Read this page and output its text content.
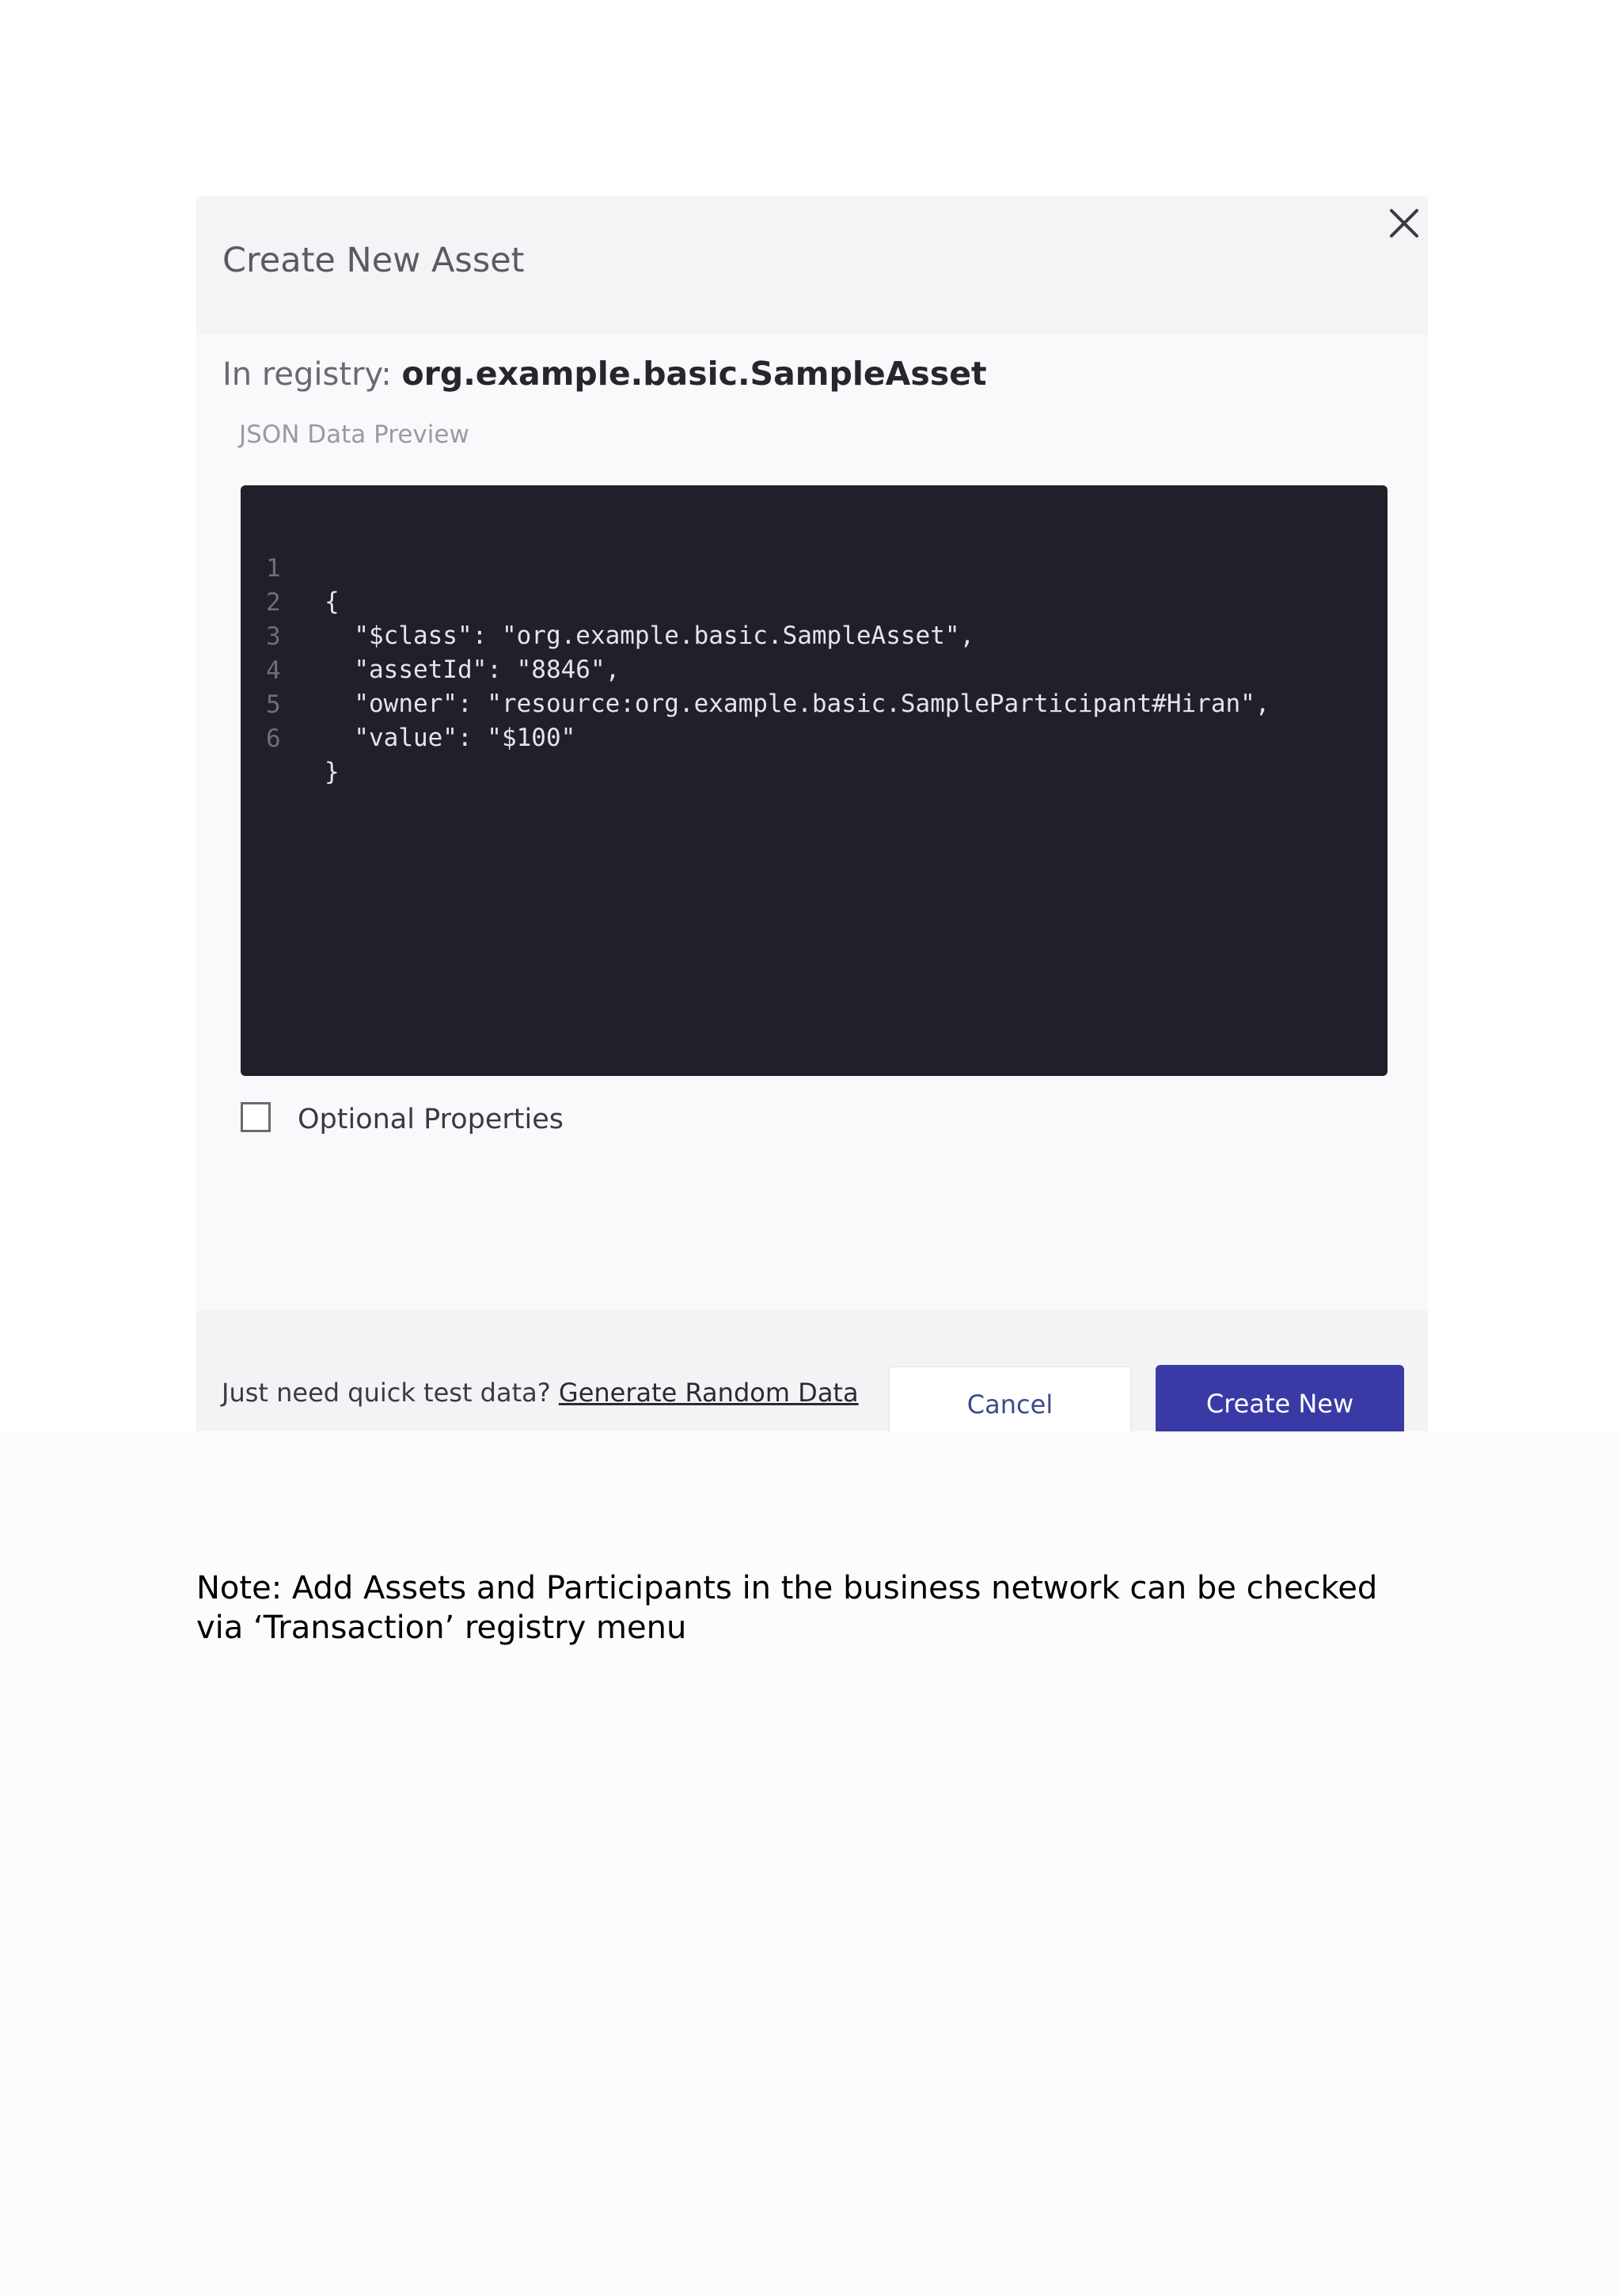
Create New Asset
In registry: org.example.basic.SampleAsset
JSON Data Preview

1

{

2

"$class": "org.example.basic.SampleAsset",

3

"assetId": "8846",

4

"owner": "resource:org.example.basic.SampleParticipant#Hiran",

5

"value": "$100"

6

}

Optional Properties
Just need quick test data? Generate Random Data	Cancel	Create New
Note: Add Assets and Participants in the business network can be checked via ‘Transaction’ registry menu
